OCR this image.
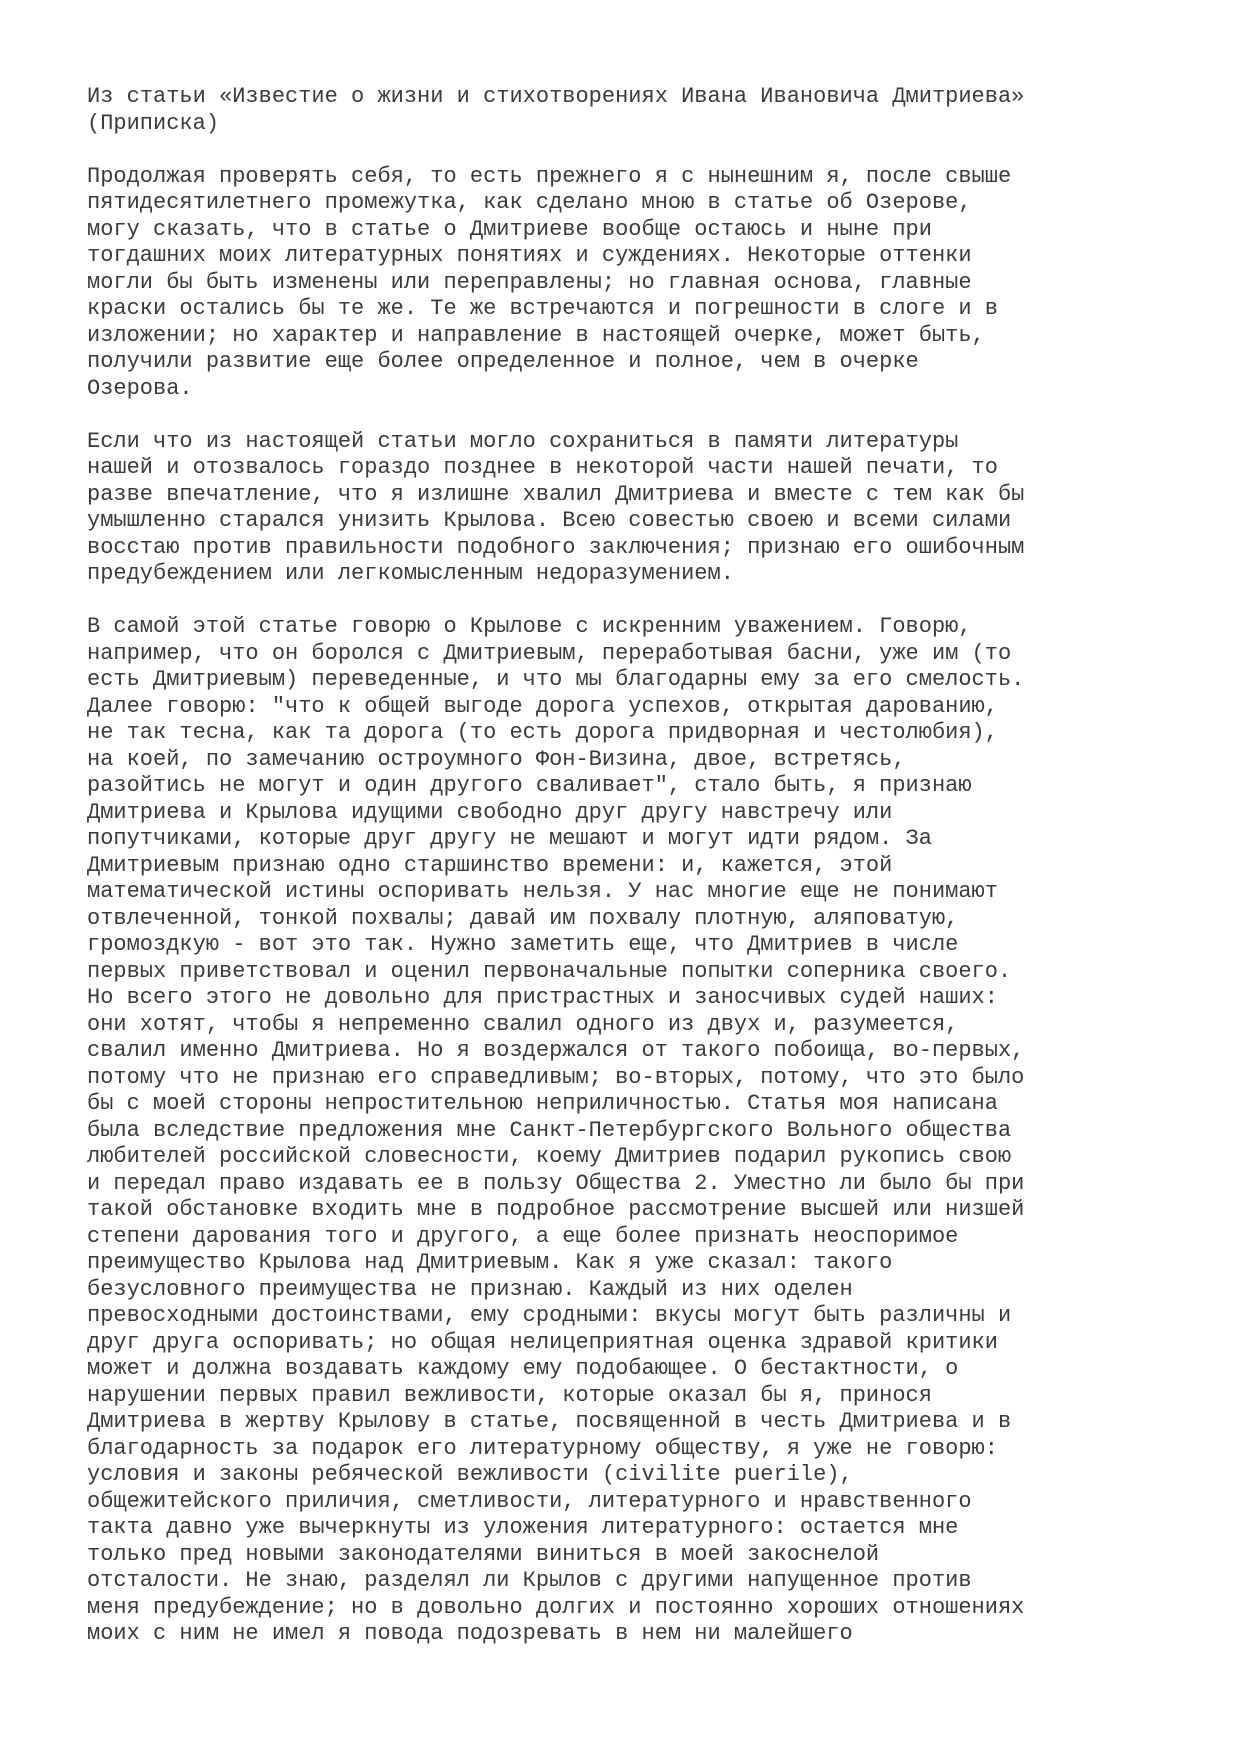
Из статьи «Известие о жизни и стихотворениях Ивана Ивановича Дмитриева»
(Приписка)
Продолжая проверять себя, то есть прежнего я с нынешним я, после свыше
пятидесятилетнего промежутка, как сделано мною в статье об Озерове,
могу сказать, что в статье о Дмитриеве вообще остаюсь и ныне при
тогдашних моих литературных понятиях и суждениях. Некоторые оттенки
могли бы быть изменены или переправлены; но главная основа, главные
краски остались бы те же. Те же встречаются и погрешности в слоге и в
изложении; но характер и направление в настоящей очерке, может быть,
получили развитие еще более определенное и полное, чем в очерке
Озерова.
Если что из настоящей статьи могло сохраниться в памяти литературы
нашей и отозвалось гораздо позднее в некоторой части нашей печати, то
разве впечатление, что я излишне хвалил Дмитриева и вместе с тем как бы
умышленно старался унизить Крылова. Всею совестью своею и всеми силами
восстаю против правильности подобного заключения; признаю его ошибочным
предубеждением или легкомысленным недоразумением.
В самой этой статье говорю о Крылове с искренним уважением. Говорю,
например, что он боролся с Дмитриевым, переработывая басни, уже им (то
есть Дмитриевым) переведенные, и что мы благодарны ему за его смелость.
Далее говорю: "что к общей выгоде дорога успехов, открытая дарованию,
не так тесна, как та дорога (то есть дорога придворная и честолюбия),
на коей, по замечанию остроумного Фон-Визина, двое, встретясь,
разойтись не могут и один другого сваливает", стало быть, я признаю
Дмитриева и Крылова идущими свободно друг другу навстречу или
попутчиками, которые друг другу не мешают и могут идти рядом. За
Дмитриевым признаю одно старшинство времени: и, кажется, этой
математической истины оспоривать нельзя. У нас многие еще не понимают
отвлеченной, тонкой похвалы; давай им похвалу плотную, аляповатую,
громоздкую - вот это так. Нужно заметить еще, что Дмитриев в числе
первых приветствовал и оценил первоначальные попытки соперника своего.
Но всего этого не довольно для пристрастных и заносчивых судей наших:
они хотят, чтобы я непременно свалил одного из двух и, разумеется,
свалил именно Дмитриева. Но я воздержался от такого побоища, во-первых,
потому что не признаю его справедливым; во-вторых, потому, что это было
бы с моей стороны непростительною неприличностью. Статья моя написана
была вследствие предложения мне Санкт-Петербургского Вольного общества
любителей российской словесности, коему Дмитриев подарил рукопись свою
и передал право издавать ее в пользу Общества 2. Уместно ли было бы при
такой обстановке входить мне в подробное рассмотрение высшей или низшей
степени дарования того и другого, а еще более признать неоспоримое
преимущество Крылова над Дмитриевым. Как я уже сказал: такого
безусловного преимущества не признаю. Каждый из них оделен
превосходными достоинствами, ему сродными: вкусы могут быть различны и
друг друга оспоривать; но общая нелицеприятная оценка здравой критики
может и должна воздавать каждому ему подобающее. О бестактности, о
нарушении первых правил вежливости, которые оказал бы я, принося
Дмитриева в жертву Крылову в статье, посвященной в честь Дмитриева и в
благодарность за подарок его литературному обществу, я уже не говорю:
условия и законы ребяческой вежливости (civilite puerile),
общежитейского приличия, сметливости, литературного и нравственного
такта давно уже вычеркнуты из уложения литературного: остается мне
только пред новыми законодателями виниться в моей закоснелой
отсталости. Не знаю, разделял ли Крылов с другими напущенное против
меня предубеждение; но в довольно долгих и постоянно хороших отношениях
моих с ним не имел я повода подозревать в нем ни малейшего
